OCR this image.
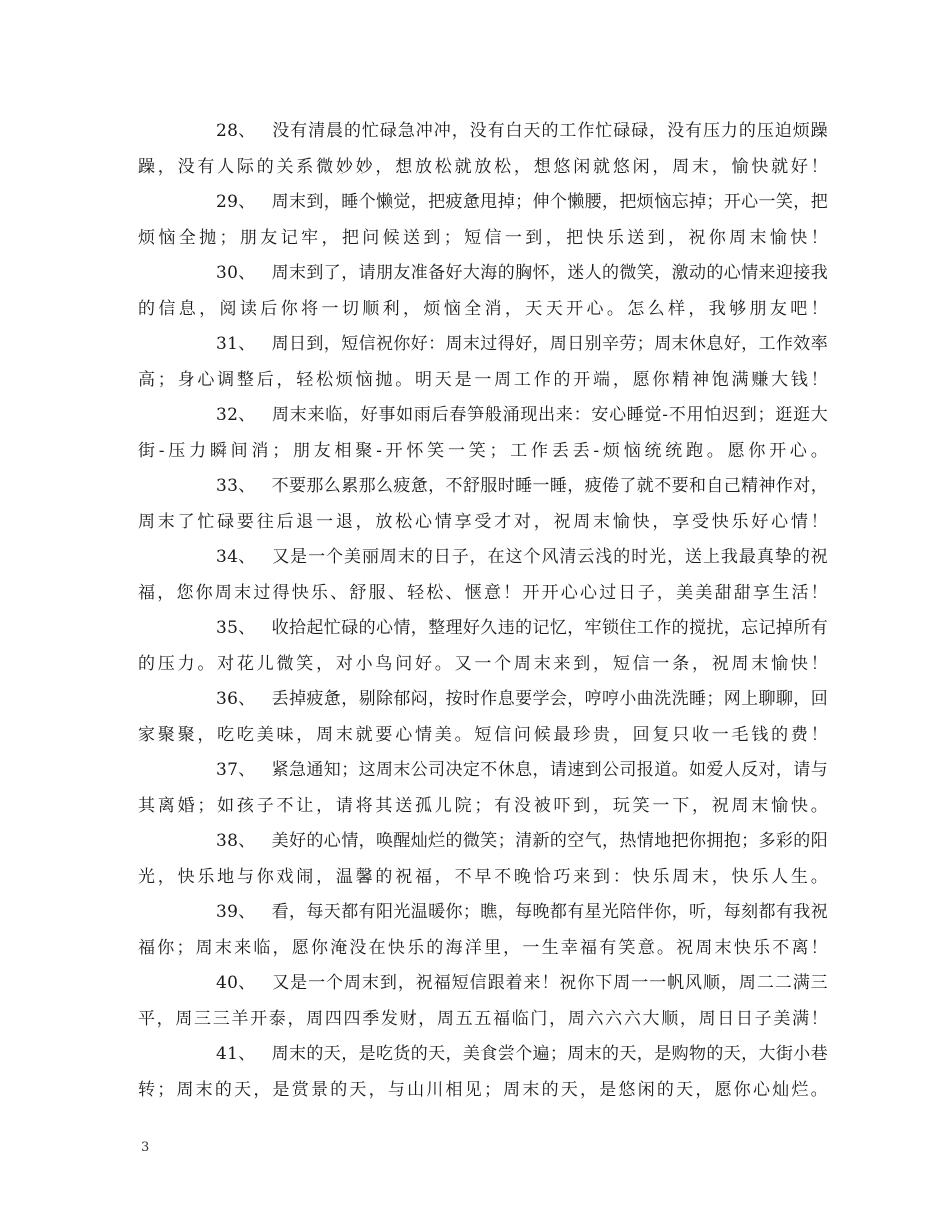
28、 没有清晨的忙碌急冲冲，没有白天的工作忙碌碌，没有压力的压迫烦躁躁，没有人际的关系微妙妙，想放松就放松，想悠闲就悠闲，周末，愉快就好！

29、 周末到，睡个懒觉，把疲惫甩掉；伸个懒腰，把烦恼忘掉；开心一笑，把烦恼全抛；朋友记牢，把问候送到；短信一到，把快乐送到，祝你周末愉快！

30、 周末到了，请朋友准备好大海的胸怀，迷人的微笑，激动的心情来迎接我的信息，阅读后你将一切顺利，烦恼全消，天天开心。怎么样，我够朋友吧！

31、 周日到，短信祝你好：周末过得好，周日别辛劳；周末休息好，工作效率高；身心调整后，轻松烦恼抛。明天是一周工作的开端，愿你精神饱满赚大钱！

32、 周末来临，好事如雨后春笋般涌现出来：安心睡觉-不用怕迟到；逛逛大街-压力瞬间消；朋友相聚-开怀笑一笑；工作丢丢-烦恼统统跑。愿你开心。

33、 不要那么累那么疲惫，不舒服时睡一睡，疲倦了就不要和自己精神作对，周末了忙碌要往后退一退，放松心情享受才对，祝周末愉快，享受快乐好心情！

34、 又是一个美丽周末的日子，在这个风清云浅的时光，送上我最真挚的祝福，您你周末过得快乐、舒服、轻松、惬意！开开心心过日子，美美甜甜享生活！

35、 收拾起忙碌的心情，整理好久违的记忆，牢锁住工作的搅扰，忘记掉所有的压力。对花儿微笑，对小鸟问好。又一个周末来到，短信一条，祝周末愉快！

36、 丢掉疲惫，剔除郁闷，按时作息要学会，哼哼小曲洗洗睡；网上聊聊，回家聚聚，吃吃美味，周末就要心情美。短信问候最珍贵，回复只收一毛钱的费！

37、 紧急通知；这周末公司决定不休息，请速到公司报道。如爱人反对，请与其离婚；如孩子不让，请将其送孤儿院；有没被吓到，玩笑一下，祝周末愉快。

38、 美好的心情，唤醒灿烂的微笑；清新的空气，热情地把你拥抱；多彩的阳光，快乐地与你戏闹，温馨的祝福，不早不晚恰巧来到：快乐周末，快乐人生。

39、 看，每天都有阳光温暖你；瞧，每晚都有星光陪伴你，听，每刻都有我祝福你；周末来临，愿你淹没在快乐的海洋里，一生幸福有笑意。祝周末快乐不离！

40、 又是一个周末到，祝福短信跟着来！祝你下周一一帆风顺，周二二满三平，周三三羊开泰，周四四季发财，周五五福临门，周六六六大顺，周日日子美满！

41、 周末的天，是吃货的天，美食尝个遍；周末的天，是购物的天，大街小巷转；周末的天，是赏景的天，与山川相见；周末的天，是悠闲的天，愿你心灿烂。

3
